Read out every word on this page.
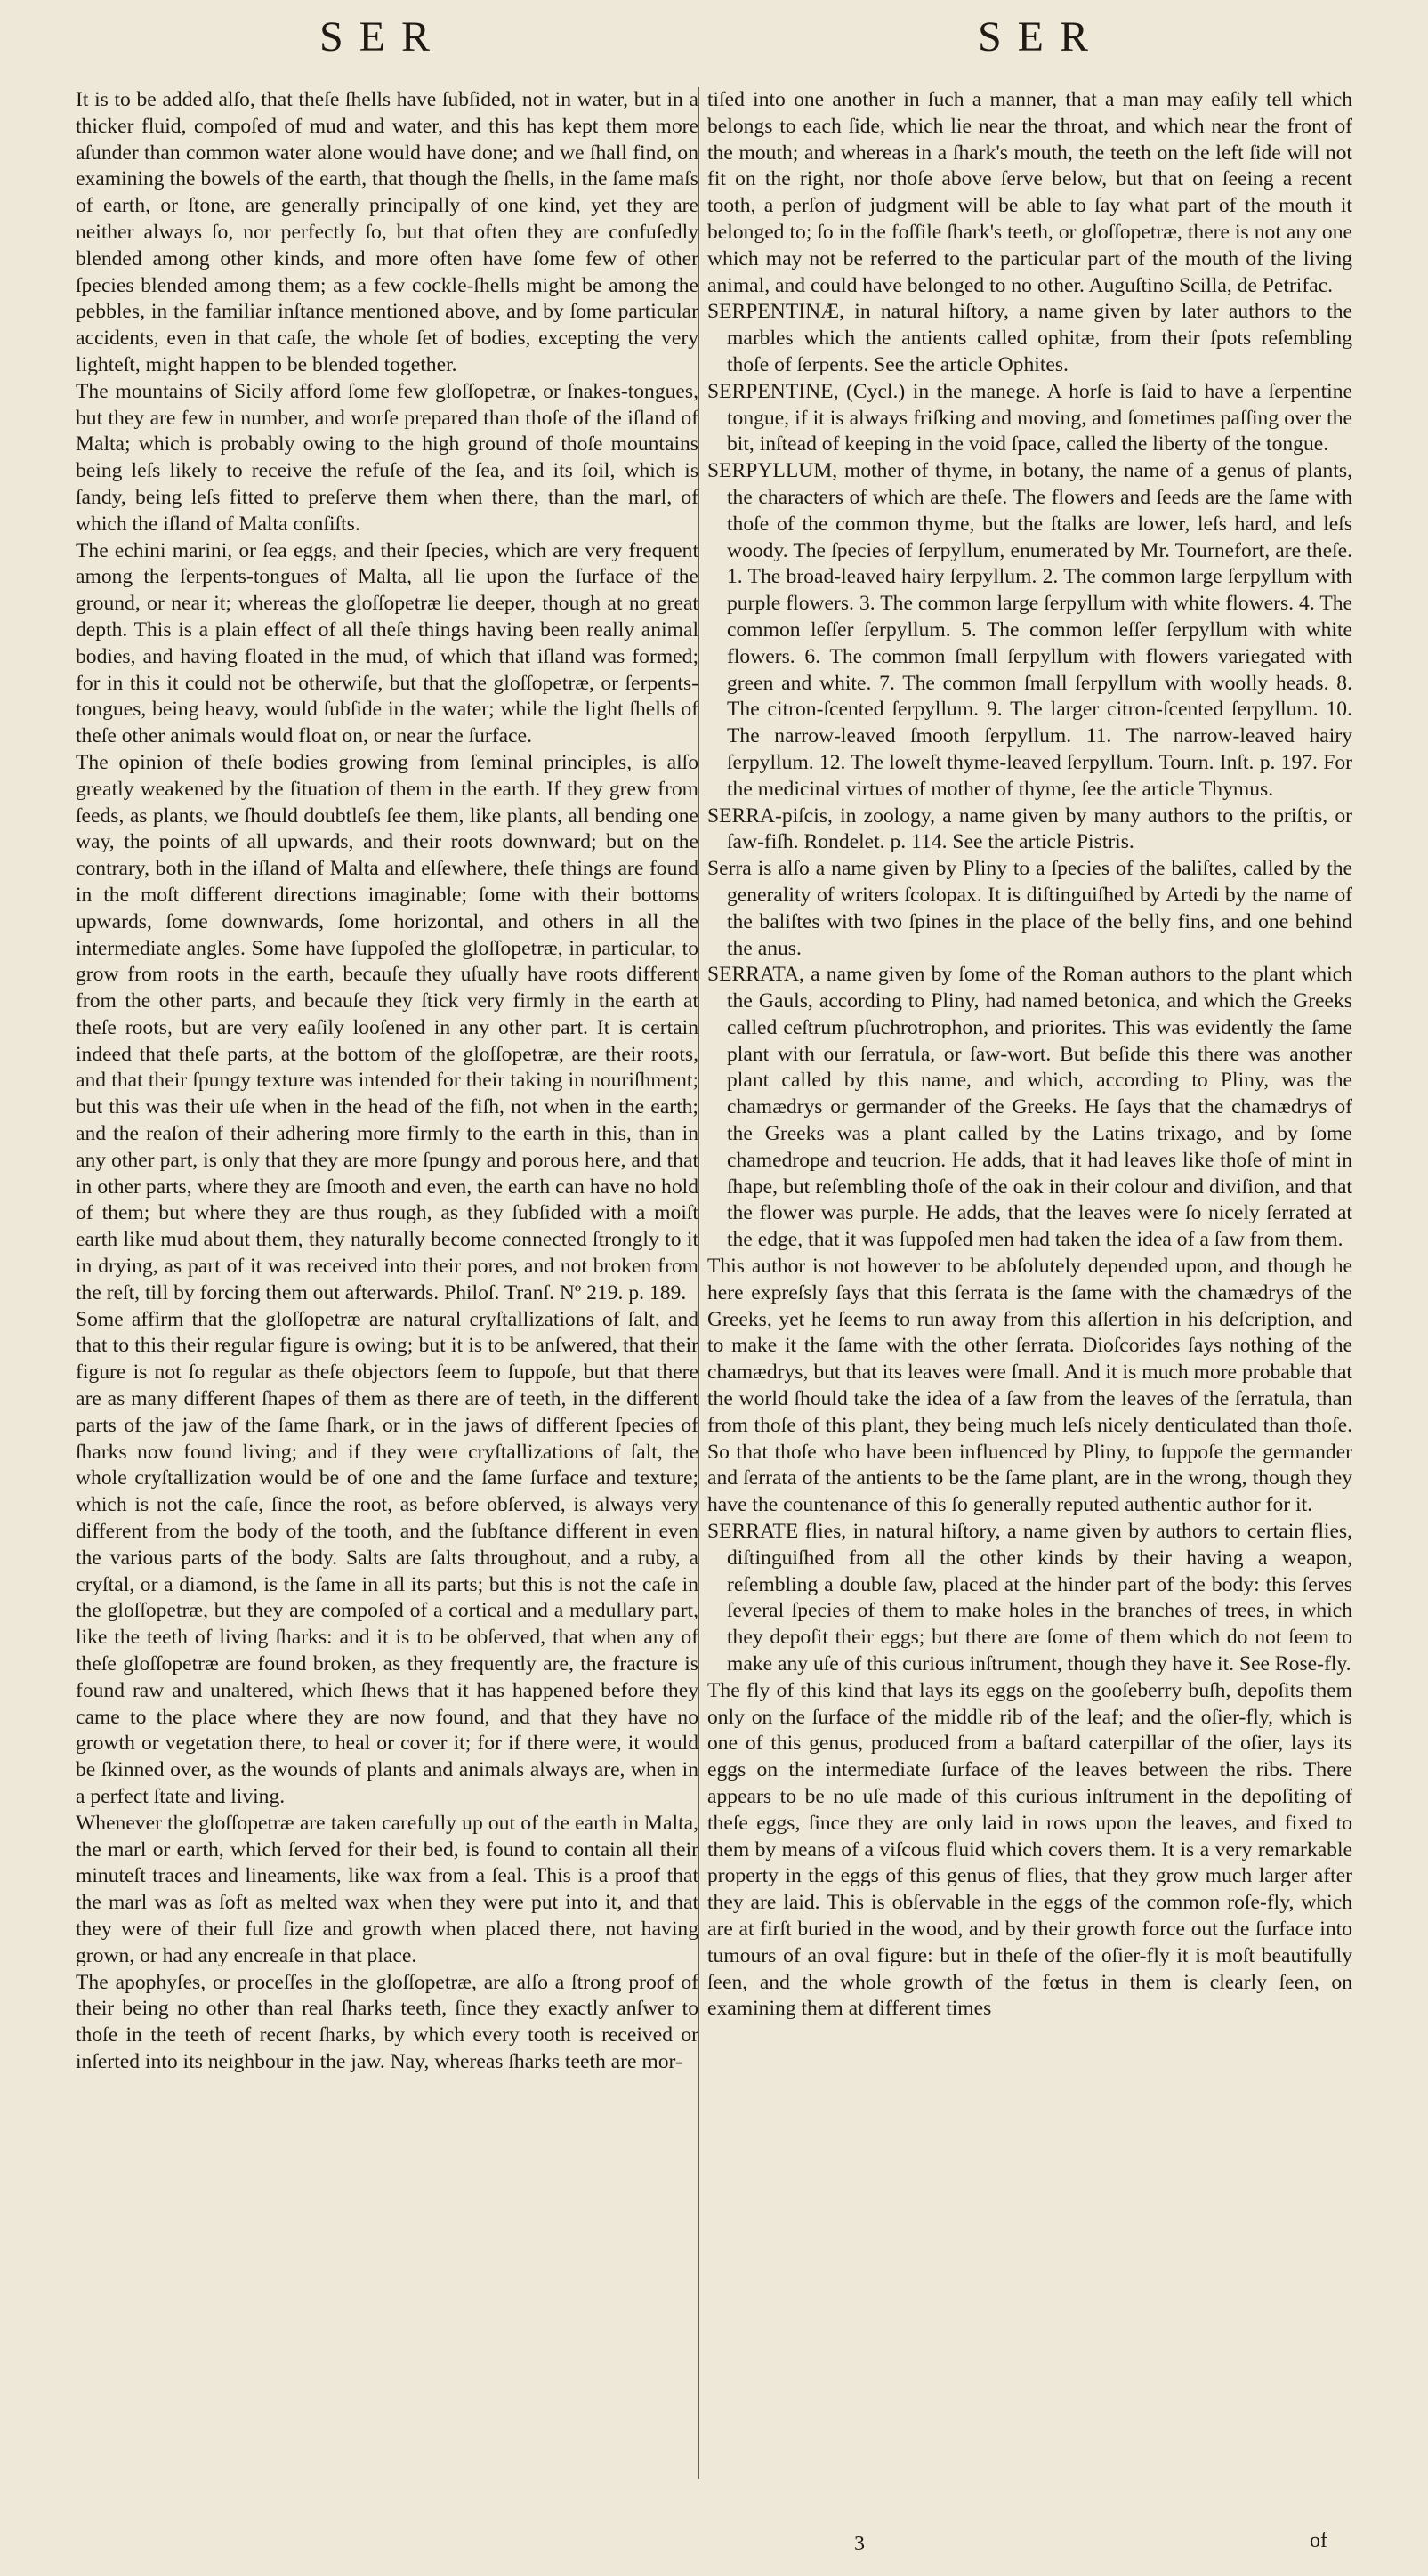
SER	SER

It is to be added alſo, that theſe ſhells have ſubſided, not in water, but in a thicker fluid, compoſed of mud and water, and this has kept them more aſunder than common water alone would have done; and we ſhall find, on examining the bowels of the earth, that though the ſhells, in the ſame maſs of earth, or ſtone, are generally principally of one kind, yet they are neither always ſo, nor perfectly ſo, but that often they are confuſedly blended among other kinds, and more often have ſome few of other ſpecies blended among them; as a few cockle-ſhells might be among the pebbles, in the familiar inſtance mentioned above, and by ſome particular accidents, even in that caſe, the whole ſet of bodies, excepting the very lighteſt, might happen to be blended together.

The mountains of Sicily afford ſome few gloſſopetræ, or ſnakes-tongues, but they are few in number, and worſe prepared than thoſe of the iſland of Malta; which is probably owing to the high ground of thoſe mountains being leſs likely to receive the refuſe of the ſea, and its ſoil, which is ſandy, being leſs fitted to preſerve them when there, than the marl, of which the iſland of Malta conſiſts.

The echini marini, or ſea eggs, and their ſpecies, which are very frequent among the ſerpents-tongues of Malta, all lie upon the ſurface of the ground, or near it; whereas the gloſſopetræ lie deeper, though at no great depth. This is a plain effect of all theſe things having been really animal bodies, and having floated in the mud, of which that iſland was formed; for in this it could not be otherwiſe, but that the gloſſopetræ, or ſerpents-tongues, being heavy, would ſubſide in the water; while the light ſhells of theſe other animals would float on, or near the ſurface.

The opinion of theſe bodies growing from ſeminal principles, is alſo greatly weakened by the ſituation of them in the earth. If they grew from ſeeds, as plants, we ſhould doubtleſs ſee them, like plants, all bending one way, the points of all upwards, and their roots downward; but on the contrary, both in the iſland of Malta and elſewhere, theſe things are found in the moſt different directions imaginable; ſome with their bottoms upwards, ſome downwards, ſome horizontal, and others in all the intermediate angles. Some have ſuppoſed the gloſſopetræ, in particular, to grow from roots in the earth, becauſe they uſually have roots different from the other parts, and becauſe they ſtick very firmly in the earth at theſe roots, but are very eaſily looſened in any other part. It is certain indeed that theſe parts, at the bottom of the gloſſopetræ, are their roots, and that their ſpungy texture was intended for their taking in nouriſhment; but this was their uſe when in the head of the fiſh, not when in the earth; and the reaſon of their adhering more firmly to the earth in this, than in any other part, is only that they are more ſpungy and porous here, and that in other parts, where they are ſmooth and even, the earth can have no hold of them; but where they are thus rough, as they ſubſided with a moiſt earth like mud about them, they naturally become connected ſtrongly to it in drying, as part of it was received into their pores, and not broken from the reſt, till by forcing them out afterwards. Philoſ. Tranſ. Nº 219. p. 189.

Some affirm that the gloſſopetræ are natural cryſtallizations of ſalt, and that to this their regular figure is owing; but it is to be anſwered, that their figure is not ſo regular as theſe objectors ſeem to ſuppoſe, but that there are as many different ſhapes of them as there are of teeth, in the different parts of the jaw of the ſame ſhark, or in the jaws of different ſpecies of ſharks now found living; and if they were cryſtallizations of ſalt, the whole cryſtallization would be of one and the ſame ſurface and texture; which is not the caſe, ſince the root, as before obſerved, is always very different from the body of the tooth, and the ſubſtance different in even the various parts of the body. Salts are ſalts throughout, and a ruby, a cryſtal, or a diamond, is the ſame in all its parts; but this is not the caſe in the gloſſopetræ, but they are compoſed of a cortical and a medullary part, like the teeth of living ſharks: and it is to be obſerved, that when any of theſe gloſſopetræ are found broken, as they frequently are, the fracture is found raw and unaltered, which ſhews that it has happened before they came to the place where they are now found, and that they have no growth or vegetation there, to heal or cover it; for if there were, it would be ſkinned over, as the wounds of plants and animals always are, when in a perfect ſtate and living.

Whenever the gloſſopetræ are taken carefully up out of the earth in Malta, the marl or earth, which ſerved for their bed, is found to contain all their minuteſt traces and lineaments, like wax from a ſeal. This is a proof that the marl was as ſoft as melted wax when they were put into it, and that they were of their full ſize and growth when placed there, not having grown, or had any encreaſe in that place.

The apophyſes, or proceſſes in the gloſſopetræ, are alſo a ſtrong proof of their being no other than real ſharks teeth, ſince they exactly anſwer to thoſe in the teeth of recent ſharks, by which every tooth is received or inſerted into its neighbour in the jaw. Nay, whereas ſharks teeth are mor-

tiſed into one another in ſuch a manner, that a man may eaſily tell which belongs to each ſide, which lie near the throat, and which near the front of the mouth; and whereas in a ſhark's mouth, the teeth on the left ſide will not fit on the right, nor thoſe above ſerve below, but that on ſeeing a recent tooth, a perſon of judgment will be able to ſay what part of the mouth it belonged to; ſo in the foſſile ſhark's teeth, or gloſſopetræ, there is not any one which may not be referred to the particular part of the mouth of the living animal, and could have belonged to no other. Auguſtino Scilla, de Petrifac.

SERPENTINÆ, in natural hiſtory, a name given by later authors to the marbles which the antients called ophitæ, from their ſpots reſembling thoſe of ſerpents. See the article Ophites.

SERPENTINE, (Cycl.) in the manege. A horſe is ſaid to have a ſerpentine tongue, if it is always friſking and moving, and ſometimes paſſing over the bit, inſtead of keeping in the void ſpace, called the liberty of the tongue.

SERPYLLUM, mother of thyme, in botany, the name of a genus of plants, the characters of which are theſe. The flowers and ſeeds are the ſame with thoſe of the common thyme, but the ſtalks are lower, leſs hard, and leſs woody. The ſpecies of ſerpyllum, enumerated by Mr. Tournefort, are theſe. 1. The broad-leaved hairy ſerpyllum. 2. The common large ſerpyllum with purple flowers. 3. The common large ſerpyllum with white flowers. 4. The common leſſer ſerpyllum. 5. The common leſſer ſerpyllum with white flowers. 6. The common ſmall ſerpyllum with flowers variegated with green and white. 7. The common ſmall ſerpyllum with woolly heads. 8. The citron-ſcented ſerpyllum. 9. The larger citron-ſcented ſerpyllum. 10. The narrow-leaved ſmooth ſerpyllum. 11. The narrow-leaved hairy ſerpyllum. 12. The loweſt thyme-leaved ſerpyllum. Tourn. Inſt. p. 197. For the medicinal virtues of mother of thyme, ſee the article Thymus.

SERRA-piſcis, in zoology, a name given by many authors to the priſtis, or ſaw-fiſh. Rondelet. p. 114. See the article Pistris.

Serra is alſo a name given by Pliny to a ſpecies of the baliſtes, called by the generality of writers ſcolopax. It is diſtinguiſhed by Artedi by the name of the baliſtes with two ſpines in the place of the belly fins, and one behind the anus.

SERRATA, a name given by ſome of the Roman authors to the plant which the Gauls, according to Pliny, had named betonica, and which the Greeks called ceſtrum pſuchrotrophon, and priorites. This was evidently the ſame plant with our ſerratula, or ſaw-wort. But beſide this there was another plant called by this name, and which, according to Pliny, was the chamædrys or germander of the Greeks. He ſays that the chamædrys of the Greeks was a plant called by the Latins trixago, and by ſome chamedrope and teucrion. He adds, that it had leaves like thoſe of mint in ſhape, but reſembling thoſe of the oak in their colour and diviſion, and that the flower was purple. He adds, that the leaves were ſo nicely ſerrated at the edge, that it was ſuppoſed men had taken the idea of a ſaw from them.

This author is not however to be abſolutely depended upon, and though he here expreſsly ſays that this ſerrata is the ſame with the chamædrys of the Greeks, yet he ſeems to run away from this aſſertion in his deſcription, and to make it the ſame with the other ſerrata. Dioſcorides ſays nothing of the chamædrys, but that its leaves were ſmall. And it is much more probable that the world ſhould take the idea of a ſaw from the leaves of the ſerratula, than from thoſe of this plant, they being much leſs nicely denticulated than thoſe. So that thoſe who have been influenced by Pliny, to ſuppoſe the germander and ſerrata of the antients to be the ſame plant, are in the wrong, though they have the countenance of this ſo generally reputed authentic author for it.

SERRATE flies, in natural hiſtory, a name given by authors to certain flies, diſtinguiſhed from all the other kinds by their having a weapon, reſembling a double ſaw, placed at the hinder part of the body: this ſerves ſeveral ſpecies of them to make holes in the branches of trees, in which they depoſit their eggs; but there are ſome of them which do not ſeem to make any uſe of this curious inſtrument, though they have it. See Rose-fly.

The fly of this kind that lays its eggs on the gooſeberry buſh, depoſits them only on the ſurface of the middle rib of the leaf; and the oſier-fly, which is one of this genus, produced from a baſtard caterpillar of the oſier, lays its eggs on the intermediate ſurface of the leaves between the ribs. There appears to be no uſe made of this curious inſtrument in the depoſiting of theſe eggs, ſince they are only laid in rows upon the leaves, and fixed to them by means of a viſcous fluid which covers them. It is a very remarkable property in the eggs of this genus of flies, that they grow much larger after they are laid. This is obſervable in the eggs of the common roſe-fly, which are at firſt buried in the wood, and by their growth force out the ſurface into tumours of an oval figure: but in theſe of the oſier-fly it is moſt beautifully ſeen, and the whole growth of the fœtus in them is clearly ſeen, on examining them at different times

3	of
